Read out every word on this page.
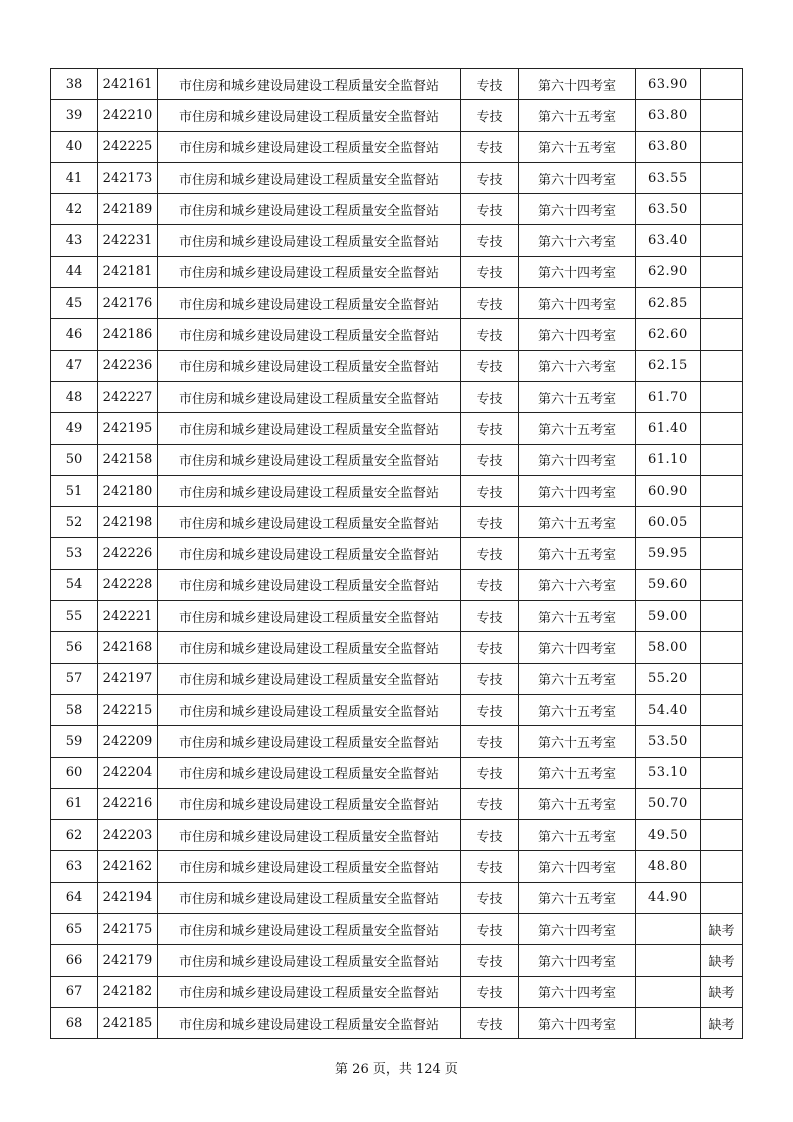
38	242161	市住房和城乡建设局建设工程质量安全监督站	专技	第六十四考室	63.90	
39	242210	市住房和城乡建设局建设工程质量安全监督站	专技	第六十五考室	63.80	
40	242225	市住房和城乡建设局建设工程质量安全监督站	专技	第六十五考室	63.80	
41	242173	市住房和城乡建设局建设工程质量安全监督站	专技	第六十四考室	63.55	
42	242189	市住房和城乡建设局建设工程质量安全监督站	专技	第六十四考室	63.50	
43	242231	市住房和城乡建设局建设工程质量安全监督站	专技	第六十六考室	63.40	
44	242181	市住房和城乡建设局建设工程质量安全监督站	专技	第六十四考室	62.90	
45	242176	市住房和城乡建设局建设工程质量安全监督站	专技	第六十四考室	62.85	
46	242186	市住房和城乡建设局建设工程质量安全监督站	专技	第六十四考室	62.60	
47	242236	市住房和城乡建设局建设工程质量安全监督站	专技	第六十六考室	62.15	
48	242227	市住房和城乡建设局建设工程质量安全监督站	专技	第六十五考室	61.70	
49	242195	市住房和城乡建设局建设工程质量安全监督站	专技	第六十五考室	61.40	
50	242158	市住房和城乡建设局建设工程质量安全监督站	专技	第六十四考室	61.10	
51	242180	市住房和城乡建设局建设工程质量安全监督站	专技	第六十四考室	60.90	
52	242198	市住房和城乡建设局建设工程质量安全监督站	专技	第六十五考室	60.05	
53	242226	市住房和城乡建设局建设工程质量安全监督站	专技	第六十五考室	59.95	
54	242228	市住房和城乡建设局建设工程质量安全监督站	专技	第六十六考室	59.60	
55	242221	市住房和城乡建设局建设工程质量安全监督站	专技	第六十五考室	59.00	
56	242168	市住房和城乡建设局建设工程质量安全监督站	专技	第六十四考室	58.00	
57	242197	市住房和城乡建设局建设工程质量安全监督站	专技	第六十五考室	55.20	
58	242215	市住房和城乡建设局建设工程质量安全监督站	专技	第六十五考室	54.40	
59	242209	市住房和城乡建设局建设工程质量安全监督站	专技	第六十五考室	53.50	
60	242204	市住房和城乡建设局建设工程质量安全监督站	专技	第六十五考室	53.10	
61	242216	市住房和城乡建设局建设工程质量安全监督站	专技	第六十五考室	50.70	
62	242203	市住房和城乡建设局建设工程质量安全监督站	专技	第六十五考室	49.50	
63	242162	市住房和城乡建设局建设工程质量安全监督站	专技	第六十四考室	48.80	
64	242194	市住房和城乡建设局建设工程质量安全监督站	专技	第六十五考室	44.90	
65	242175	市住房和城乡建设局建设工程质量安全监督站	专技	第六十四考室		缺考
66	242179	市住房和城乡建设局建设工程质量安全监督站	专技	第六十四考室		缺考
67	242182	市住房和城乡建设局建设工程质量安全监督站	专技	第六十四考室		缺考
68	242185	市住房和城乡建设局建设工程质量安全监督站	专技	第六十四考室		缺考
第 26 页，共 124 页
